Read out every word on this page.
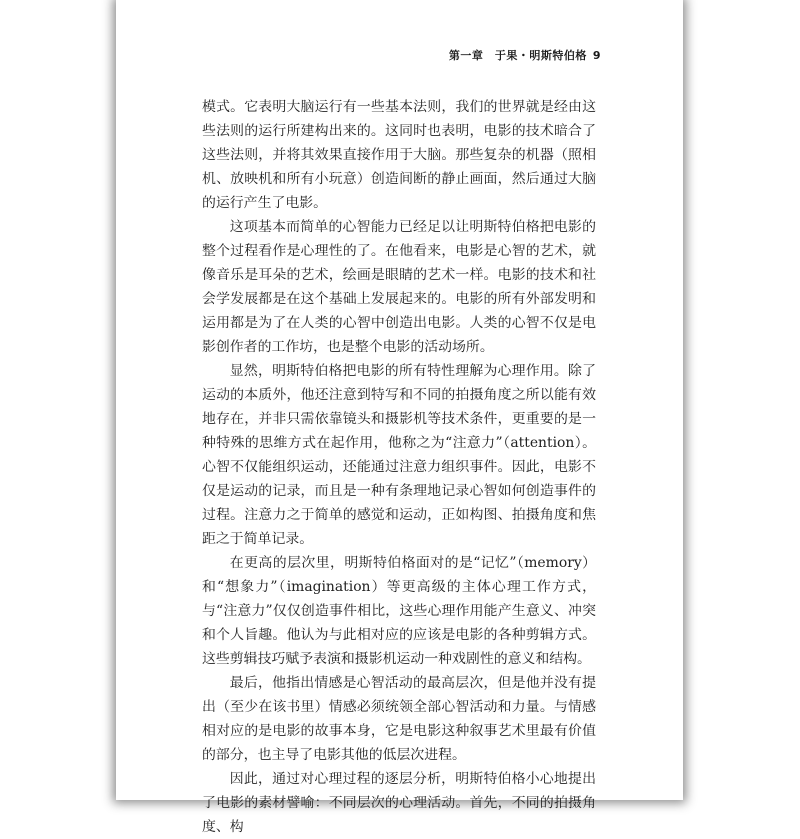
第一章　于果・明斯特伯格 9

模式。它表明大脑运行有一些基本法则，我们的世界就是经由这些法则的运行所建构出来的。这同时也表明，电影的技术暗合了这些法则，并将其效果直接作用于大脑。那些复杂的机器（照相机、放映机和所有小玩意）创造间断的静止画面，然后通过大脑的运行产生了电影。

这项基本而简单的心智能力已经足以让明斯特伯格把电影的整个过程看作是心理性的了。在他看来，电影是心智的艺术，就像音乐是耳朵的艺术，绘画是眼睛的艺术一样。电影的技术和社会学发展都是在这个基础上发展起来的。电影的所有外部发明和运用都是为了在人类的心智中创造出电影。人类的心智不仅是电影创作者的工作坊，也是整个电影的活动场所。

显然，明斯特伯格把电影的所有特性理解为心理作用。除了运动的本质外，他还注意到特写和不同的拍摄角度之所以能有效地存在，并非只需依靠镜头和摄影机等技术条件，更重要的是一种特殊的思维方式在起作用，他称之为“注意力”（attention）。心智不仅能组织运动，还能通过注意力组织事件。因此，电影不仅是运动的记录，而且是一种有条理地记录心智如何创造事件的过程。注意力之于简单的感觉和运动，正如构图、拍摄角度和焦距之于简单记录。

在更高的层次里，明斯特伯格面对的是“记忆”（memory）和“想象力”（imagination）等更高级的主体心理工作方式，与“注意力”仅仅创造事件相比，这些心理作用能产生意义、冲突和个人旨趣。他认为与此相对应的应该是电影的各种剪辑方式。这些剪辑技巧赋予表演和摄影机运动一种戏剧性的意义和结构。

最后，他指出情感是心智活动的最高层次，但是他并没有提出（至少在该书里）情感必须统领全部心智活动和力量。与情感相对应的是电影的故事本身，它是电影这种叙事艺术里最有价值的部分，也主导了电影其他的低层次进程。

因此，通过对心理过程的逐层分析，明斯特伯格小心地提出了电影的素材譬喻：不同层次的心理活动。首先，不同的拍摄角度、构
